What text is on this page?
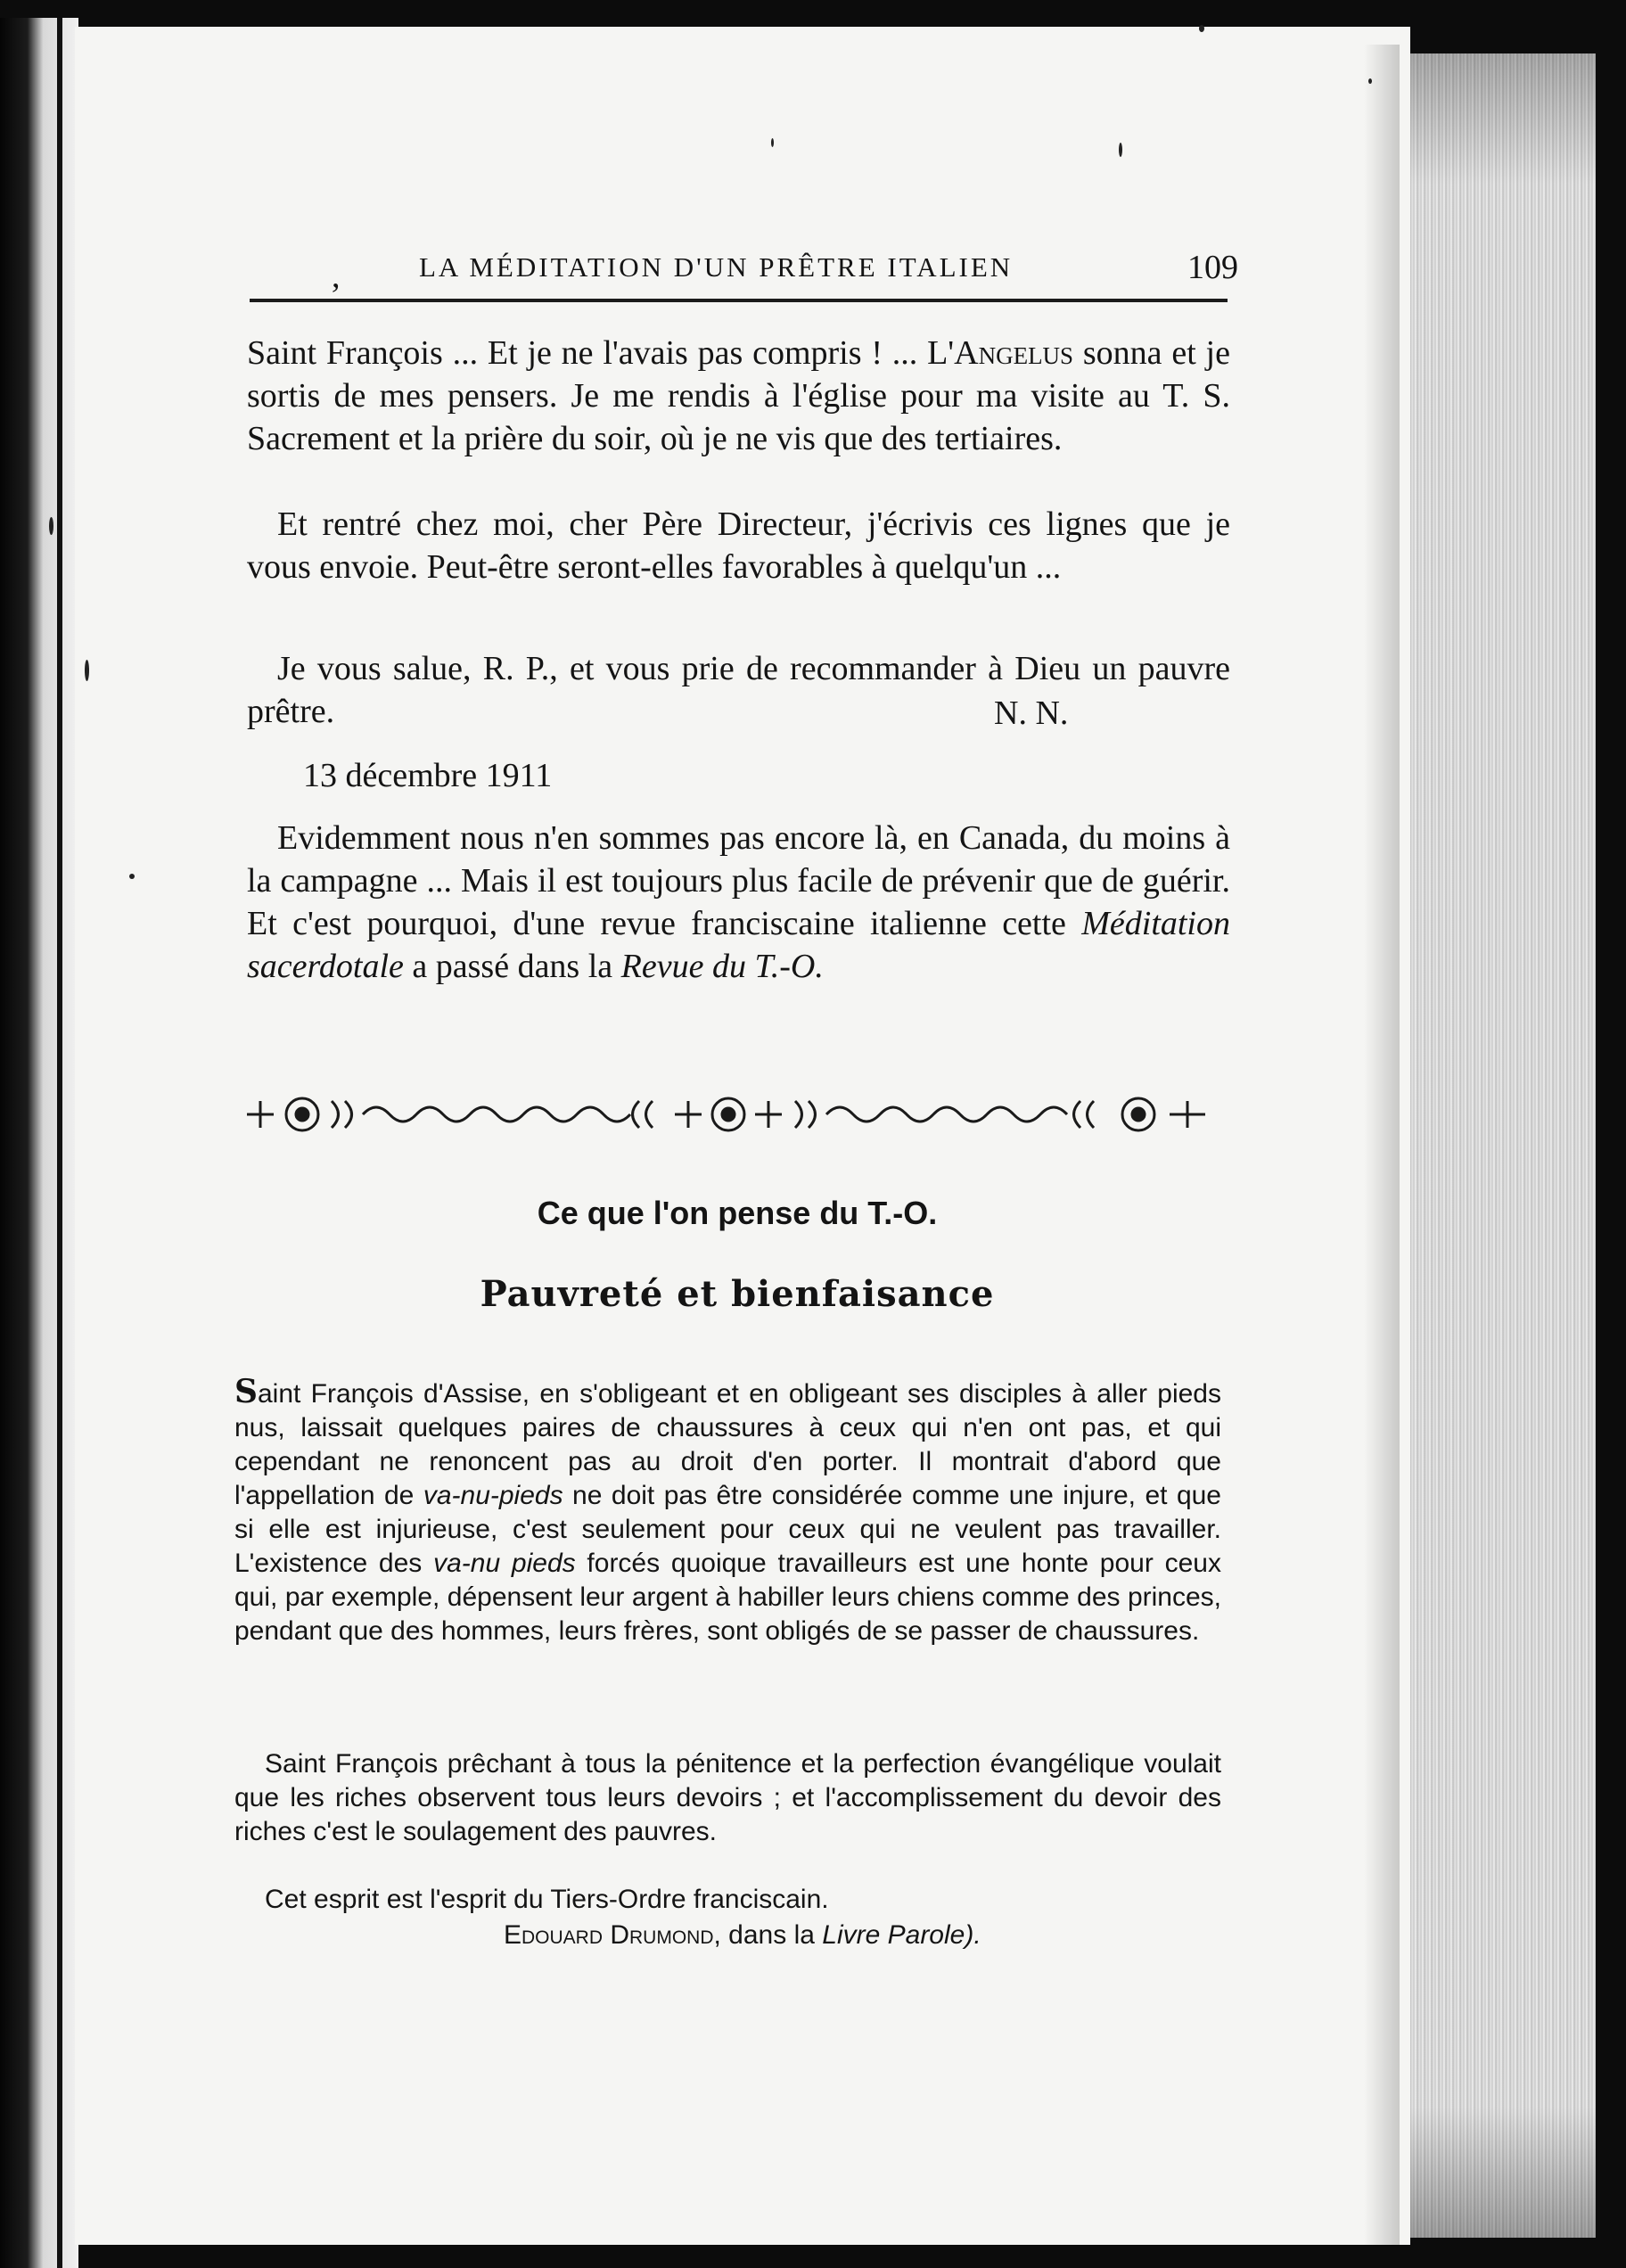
,	LA MÉDITATION D'UN PRÊTRE ITALIEN	109

Saint François ... Et je ne l'avais pas compris ! ... L'Angelus sonna et je sortis de mes pensers. Je me rendis à l'église pour ma visite au T. S. Sacrement et la prière du soir, où je ne vis que des tertiaires.

Et rentré chez moi, cher Père Directeur, j'écrivis ces lignes que je vous envoie. Peut-être seront-elles favorables à quelqu'un ...

Je vous salue, R. P., et vous prie de recommander à Dieu un pauvre prêtre.	N. N.
13 décembre 1911

Evidemment nous n'en sommes pas encore là, en Canada, du moins à la campagne ... Mais il est toujours plus facile de prévenir que de guérir. Et c'est pourquoi, d'une revue franciscaine italienne cette Méditation sacerdotale a passé dans la Revue du T.-O.

Ce que l'on pense du T.-O.
Pauvreté et bienfaisance

Saint François d'Assise, en s'obligeant et en obligeant ses disciples à aller pieds nus, laissait quelques paires de chaussures à ceux qui n'en ont pas, et qui cependant ne renoncent pas au droit d'en porter. Il montrait d'abord que l'appellation de va-nu-pieds ne doit pas être considérée comme une injure, et que si elle est injurieuse, c'est seulement pour ceux qui ne veulent pas travailler. L'existence des va-nu pieds forcés quoique travailleurs est une honte pour ceux qui, par exemple, dépensent leur argent à habiller leurs chiens comme des princes, pendant que des hommes, leurs frères, sont obligés de se passer de chaussures.

Saint François prêchant à tous la pénitence et la perfection évangélique voulait que les riches observent tous leurs devoirs ; et l'accomplissement du devoir des riches c'est le soulagement des pauvres.

Cet esprit est l'esprit du Tiers-Ordre franciscain.

Edouard Drumond, dans la Livre Parole).
